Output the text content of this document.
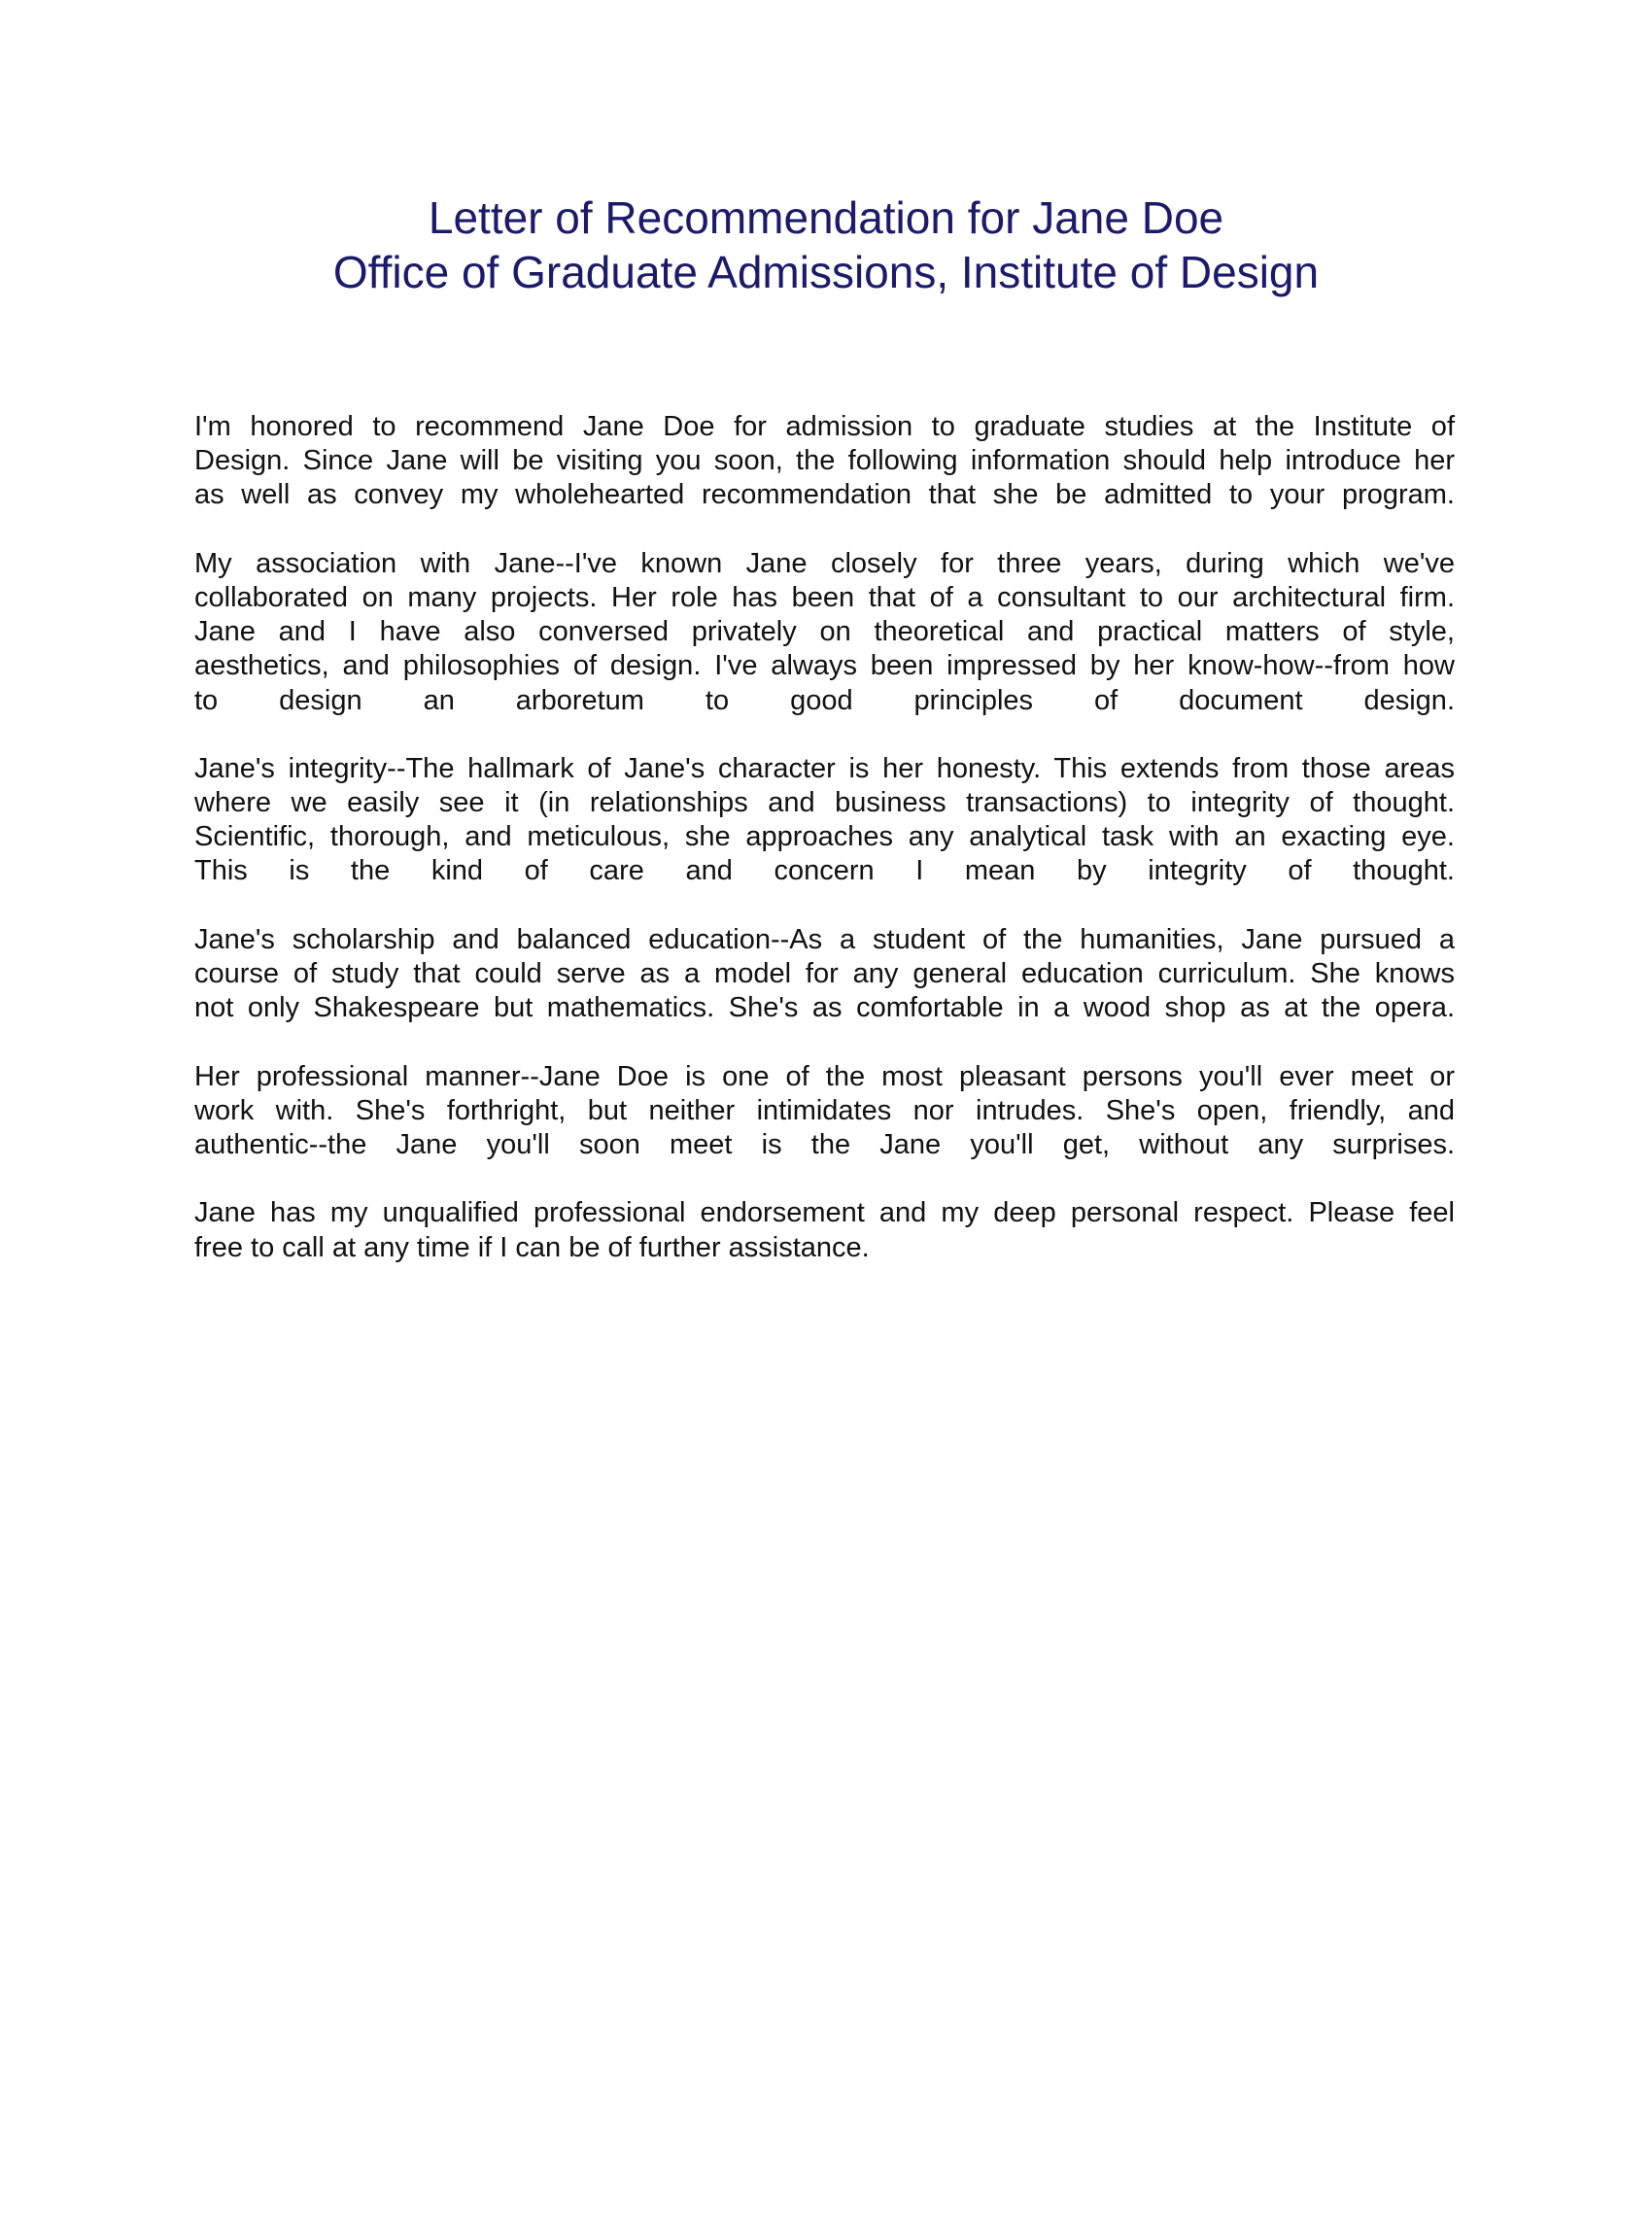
Letter of Recommendation for Jane Doe
Office of Graduate Admissions, Institute of Design

I'm honored to recommend Jane Doe for admission to graduate studies at the Institute of
Design. Since Jane will be visiting you soon, the following information should help introduce her
as well as convey my wholehearted recommendation that she be admitted to your program.

My association with Jane--I've known Jane closely for three years, during which we've
collaborated on many projects. Her role has been that of a consultant to our architectural firm.
Jane and I have also conversed privately on theoretical and practical matters of style,
aesthetics, and philosophies of design. I've always been impressed by her know-how--from how
to design an arboretum to good principles of document design.

Jane's integrity--The hallmark of Jane's character is her honesty. This extends from those areas
where we easily see it (in relationships and business transactions) to integrity of thought.
Scientific, thorough, and meticulous, she approaches any analytical task with an exacting eye.
This is the kind of care and concern I mean by integrity of thought.

Jane's scholarship and balanced education--As a student of the humanities, Jane pursued a
course of study that could serve as a model for any general education curriculum. She knows
not only Shakespeare but mathematics. She's as comfortable in a wood shop as at the opera.

Her professional manner--Jane Doe is one of the most pleasant persons you'll ever meet or
work with. She's forthright, but neither intimidates nor intrudes. She's open, friendly, and
authentic--the Jane you'll soon meet is the Jane you'll get, without any surprises.

Jane has my unqualified professional endorsement and my deep personal respect. Please feel
free to call at any time if I can be of further assistance.
